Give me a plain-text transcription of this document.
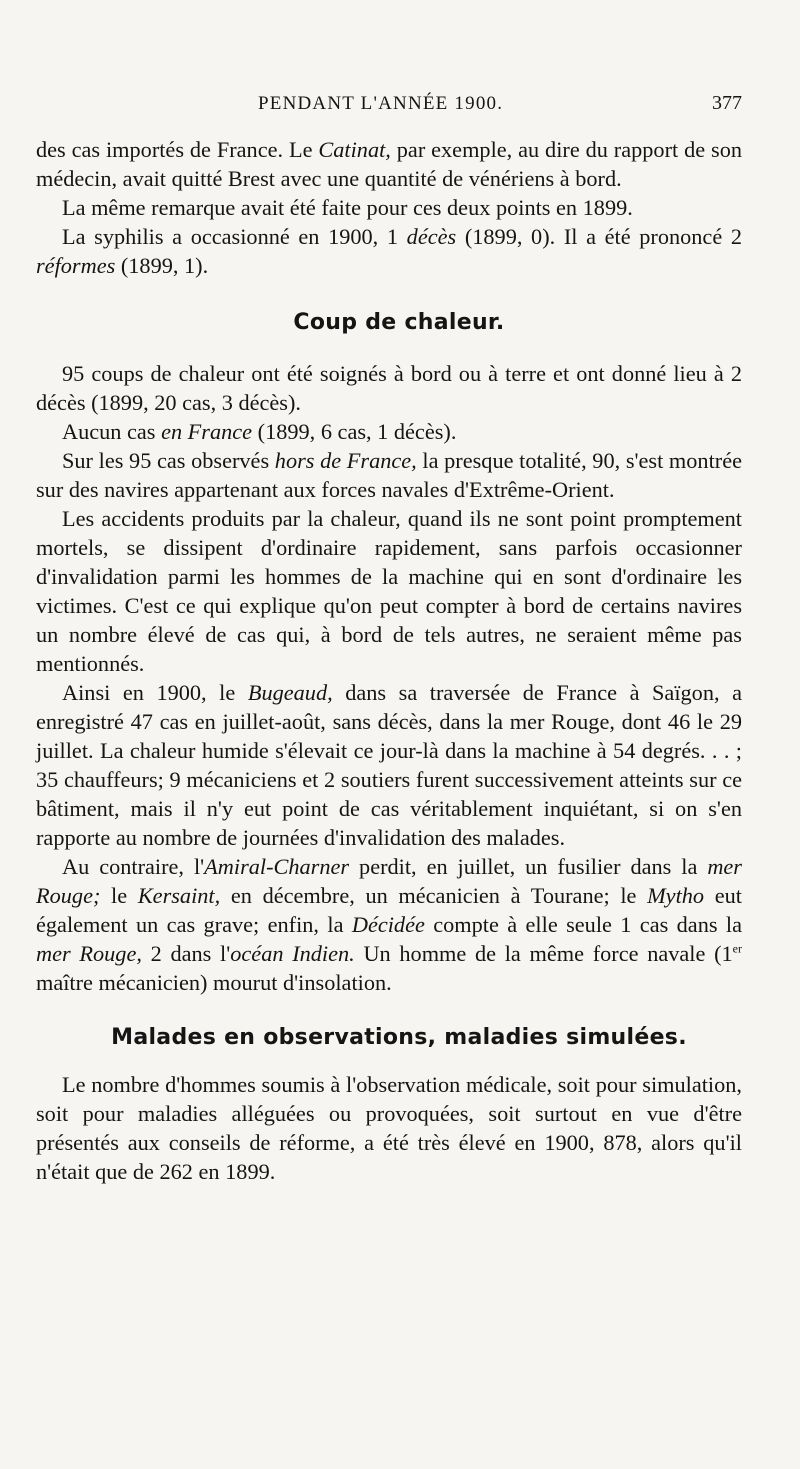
PENDANT L'ANNÉE 1900.	377

des cas importés de France. Le Catinat, par exemple, au dire du rapport de son médecin, avait quitté Brest avec une quantité de vénériens à bord.

La même remarque avait été faite pour ces deux points en 1899.

La syphilis a occasionné en 1900, 1 décès (1899, 0). Il a été prononcé 2 réformes (1899, 1).

Coup de chaleur.

95 coups de chaleur ont été soignés à bord ou à terre et ont donné lieu à 2 décès (1899, 20 cas, 3 décès).

Aucun cas en France (1899, 6 cas, 1 décès).

Sur les 95 cas observés hors de France, la presque totalité, 90, s'est montrée sur des navires appartenant aux forces navales d'Extrême-Orient.

Les accidents produits par la chaleur, quand ils ne sont point promptement mortels, se dissipent d'ordinaire rapidement, sans parfois occasionner d'invalidation parmi les hommes de la machine qui en sont d'ordinaire les victimes. C'est ce qui explique qu'on peut compter à bord de certains navires un nombre élevé de cas qui, à bord de tels autres, ne seraient même pas mentionnés.

Ainsi en 1900, le Bugeaud, dans sa traversée de France à Saïgon, a enregistré 47 cas en juillet-août, sans décès, dans la mer Rouge, dont 46 le 29 juillet. La chaleur humide s'élevait ce jour-là dans la machine à 54 degrés. . . ; 35 chauffeurs; 9 mécaniciens et 2 soutiers furent successivement atteints sur ce bâtiment, mais il n'y eut point de cas véritablement inquiétant, si on s'en rapporte au nombre de journées d'invalidation des malades.

Au contraire, l'Amiral-Charner perdit, en juillet, un fusilier dans la mer Rouge; le Kersaint, en décembre, un mécanicien à Tourane; le Mytho eut également un cas grave; enfin, la Décidée compte à elle seule 1 cas dans la mer Rouge, 2 dans l'océan Indien. Un homme de la même force navale (1er maître mécanicien) mourut d'insolation.

Malades en observations, maladies simulées.

Le nombre d'hommes soumis à l'observation médicale, soit pour simulation, soit pour maladies alléguées ou provoquées, soit surtout en vue d'être présentés aux conseils de réforme, a été très élevé en 1900, 878, alors qu'il n'était que de 262 en 1899.
